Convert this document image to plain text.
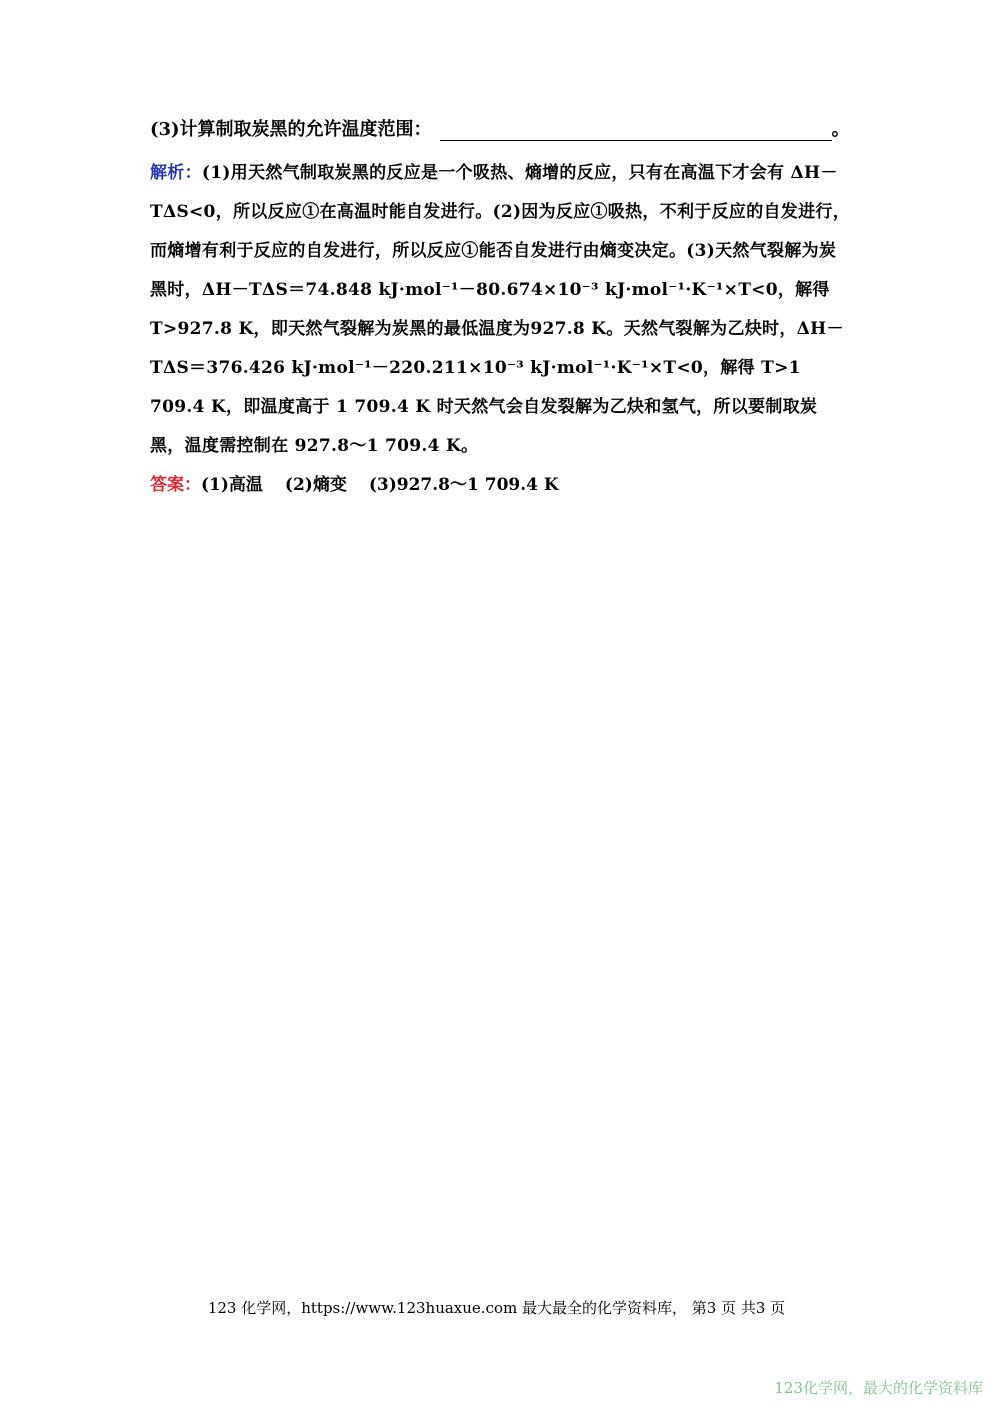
(3)计算制取炭黑的允许温度范围：	。

解析：(1)用天然气制取炭黑的反应是一个吸热、熵增的反应，只有在高温下才会有 ΔH－TΔS<0，所以反应①在高温时能自发进行。(2)因为反应①吸热，不利于反应的自发进行，而熵增有利于反应的自发进行，所以反应①能否自发进行由熵变决定。(3)天然气裂解为炭黑时，ΔH－TΔS＝74.848 kJ·mol⁻¹－80.674×10⁻³ kJ·mol⁻¹·K⁻¹×T<0，解得T>927.8 K，即天然气裂解为炭黑的最低温度为927.8 K。天然气裂解为乙炔时，ΔH－TΔS＝376.426 kJ·mol⁻¹－220.211×10⁻³ kJ·mol⁻¹·K⁻¹×T<0，解得 T>1 709.4 K，即温度高于 1 709.4 K 时天然气会自发裂解为乙炔和氢气，所以要制取炭黑，温度需控制在 927.8～1 709.4 K。

答案：(1)高温 (2)熵变 (3)927.8～1 709.4 K

123 化学网，https://www.123huaxue.com 最大最全的化学资料库， 第3 页 共3 页
123化学网，最大的化学资料库
